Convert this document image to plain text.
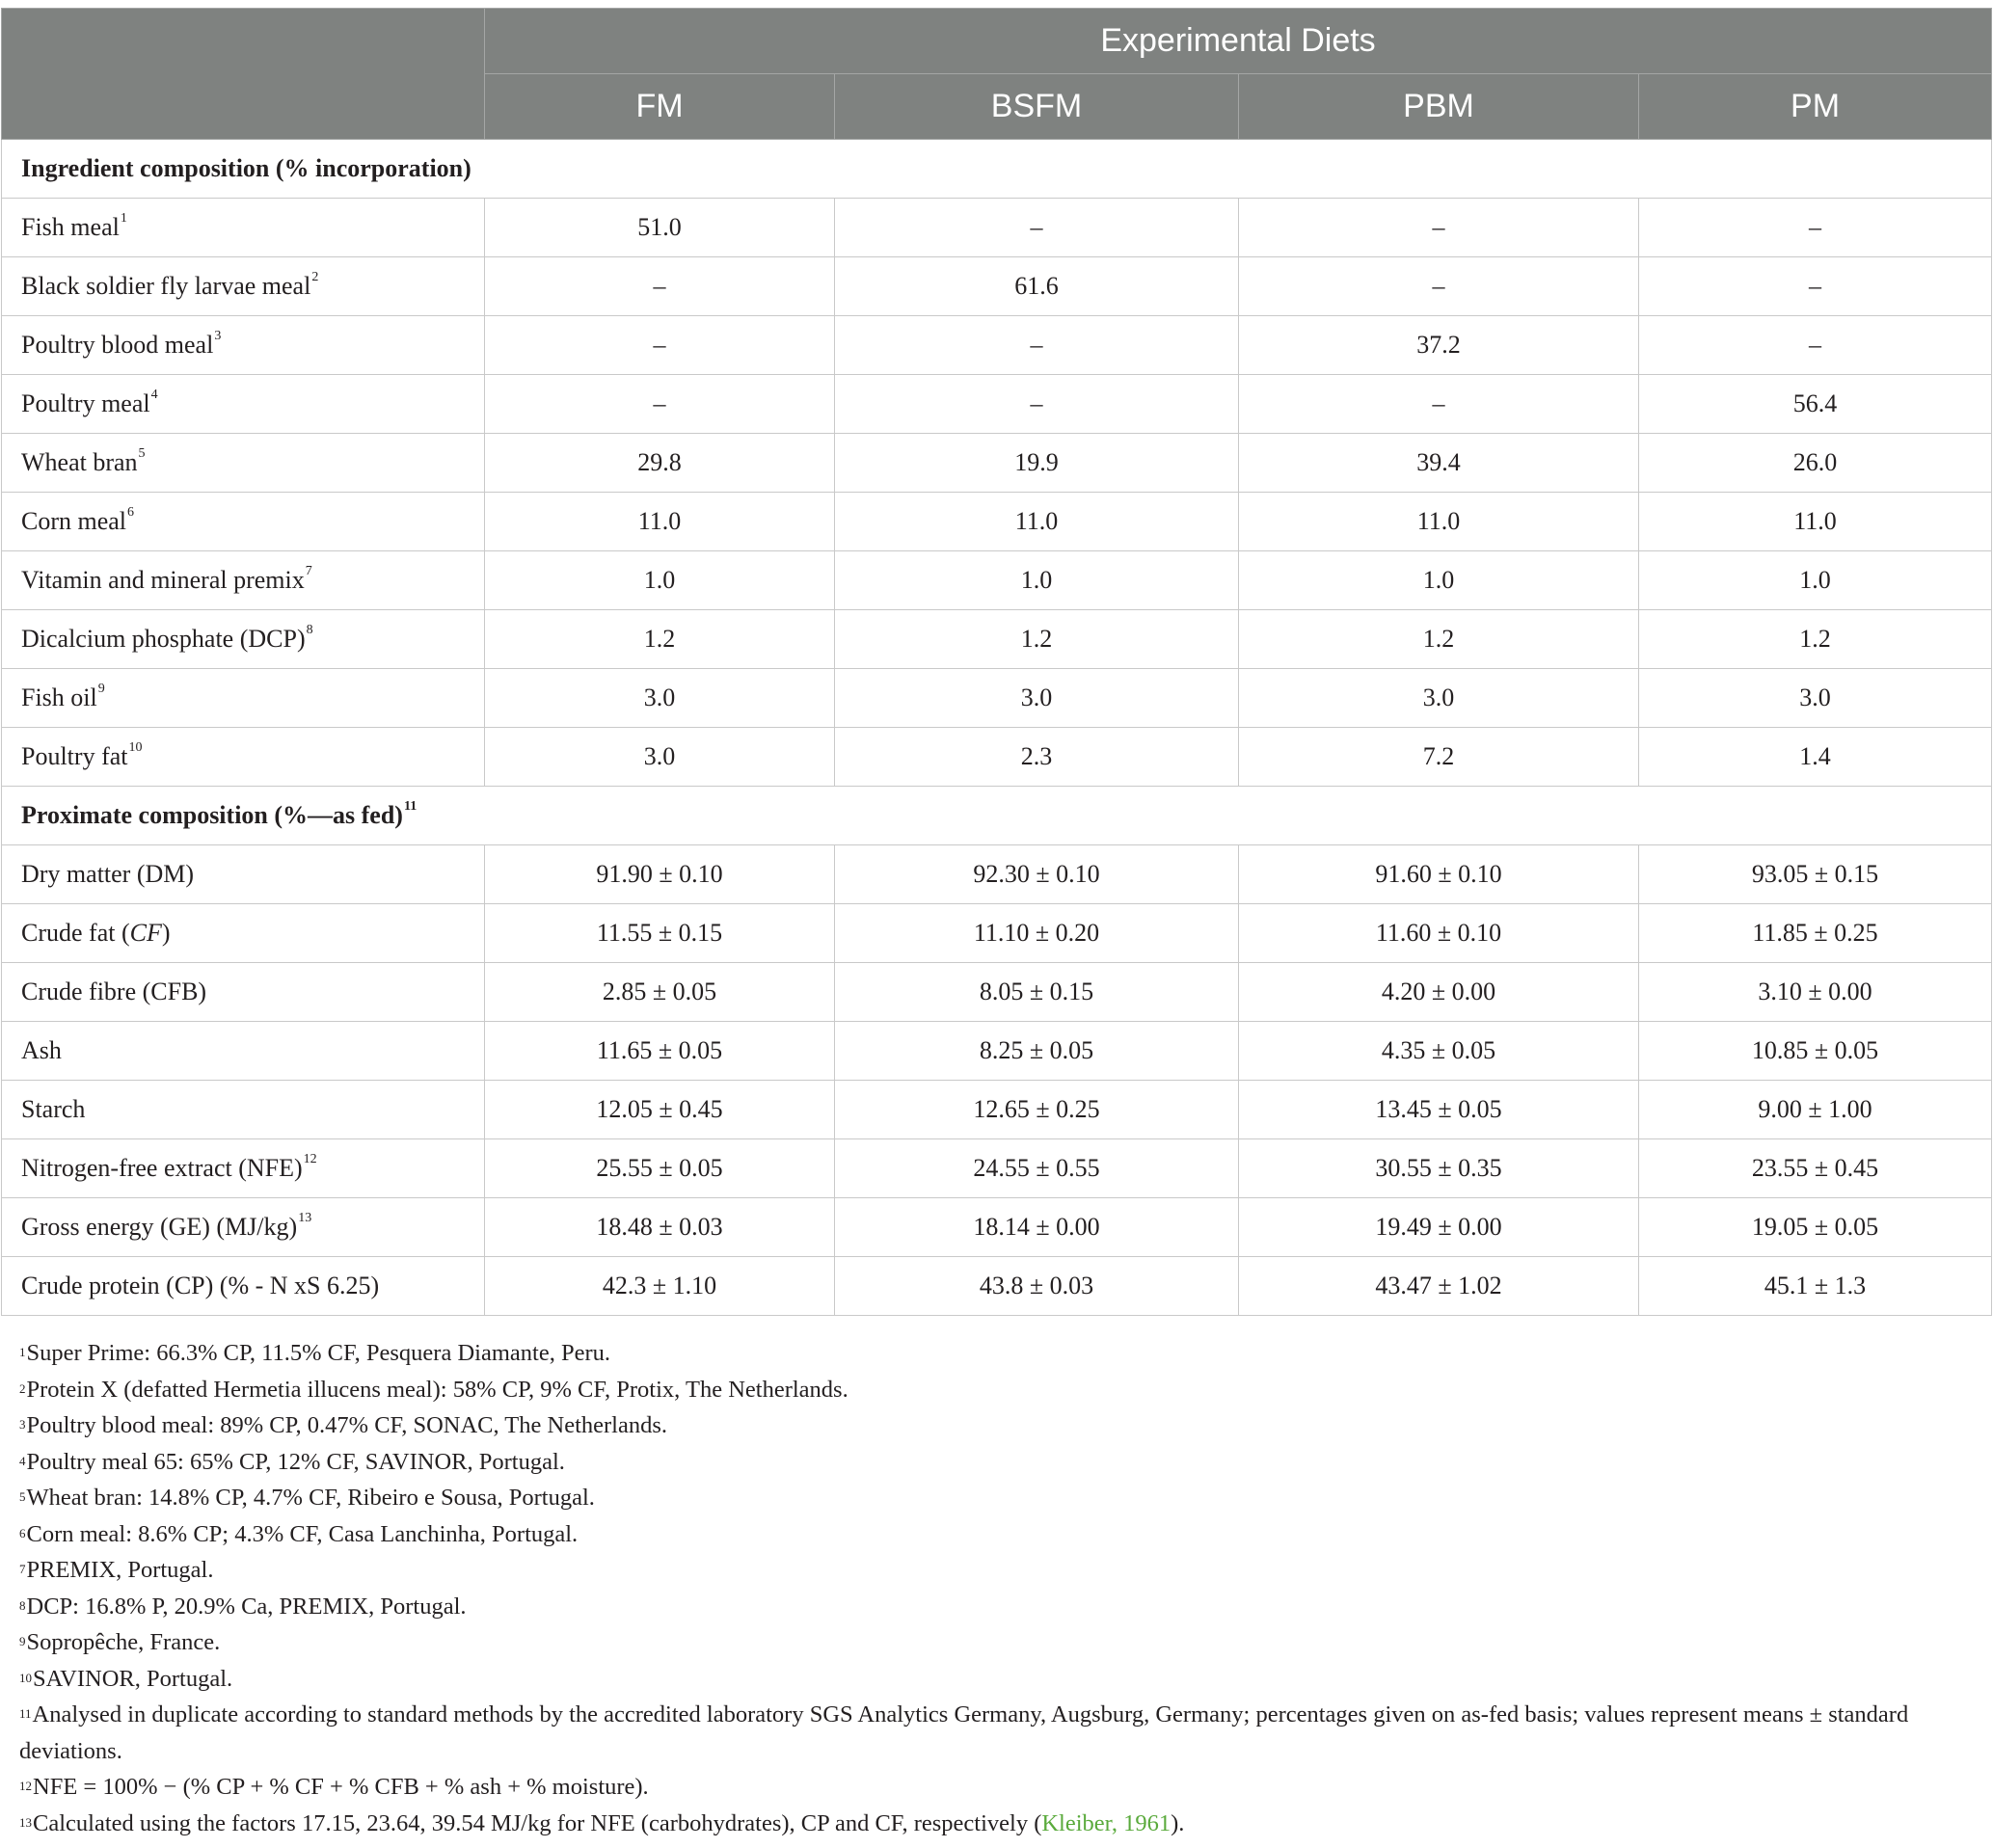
	Experimental Diets			
	FM	BSFM	PBM	PM
Ingredient composition (% incorporation)				
Fish meal$^1$	51.0	–	–	–
Black soldier fly larvae meal$^2$	–	61.6	–	–
Poultry blood meal$^3$	–	–	37.2	–
Poultry meal$^4$	–	–	–	56.4
Wheat bran$^5$	29.8	19.9	39.4	26.0
Corn meal$^6$	11.0	11.0	11.0	11.0
Vitamin and mineral premix$^7$	1.0	1.0	1.0	1.0
Dicalcium phosphate (DCP)$^8$	1.2	1.2	1.2	1.2
Fish oil$^9$	3.0	3.0	3.0	3.0
Poultry fat$^{10}$	3.0	2.3	7.2	1.4
Proximate composition (%—as fed)$^{11}$
Dry matter (DM)	91.90 ± 0.10	92.30 ± 0.10	91.60 ± 0.10	93.05 ± 0.15
Crude fat (CF)	11.55 ± 0.15	11.10 ± 0.20	11.60 ± 0.10	11.85 ± 0.25
Crude fibre (CFB)	2.85 ± 0.05	8.05 ± 0.15	4.20 ± 0.00	3.10 ± 0.00
Ash	11.65 ± 0.05	8.25 ± 0.05	4.35 ± 0.05	10.85 ± 0.05
Starch	12.05 ± 0.45	12.65 ± 0.25	13.45 ± 0.05	9.00 ± 1.00
Nitrogen-free extract (NFE)$^{12}$	25.55 ± 0.05	24.55 ± 0.55	30.55 ± 0.35	23.55 ± 0.45
Gross energy (GE) $(MJ/kg)^{13}$	18.48 ± 0.03	18.14 ± 0.00	19.49 ± 0.00	19.05 ± 0.05
Crude protein (CP) (% - N xS 6.25)	42.3 ± 1.10	43.8 ± 0.03	43.47 ± 1.02	45.1 ± 1.3

$^1$Super Prime: 66.3% CP, 11.5% CF, Pesquera Diamante, Peru.

$^2$Protein X (defatted Hermetia illucens meal): 58% CP, 9% CF, Protix, The Netherlands.

$^3$Poultry blood meal: 89% CP, 0.47% CF, SONAC, The Netherlands.

$^4$Poultry meal 65: 65% CP, 12% CF, SAVINOR, Portugal.

$^5$Wheat bran: 14.8% CP, 4.7% CF, Ribeiro e Sousa, Portugal.

$^6$Corn meal: 8.6% CP; 4.3% CF, Casa Lanchinha, Portugal.

$^7$PREMIX, Portugal.

$^8$DCP: 16.8% P, 20.9% Ca, PREMIX, Portugal.

$^9$Sopropêche, France.

$^{10}$SAVINOR, Portugal.

$^{11}$Analysed in duplicate according to standard methods by the accredited laboratory SGS Analytics Germany, Augsburg, Germany; percentages given on as-fed basis; values represent means ± standard deviations.

$^{12}$NFE = 100% − (% CP + % CF + % CFB + % ash + % moisture).

$^{13}$Calculated using the factors 17.15, 23.64, 39.54 MJ/kg for NFE (carbohydrates), CP and CF, respectively (Kleiber, 1961).
